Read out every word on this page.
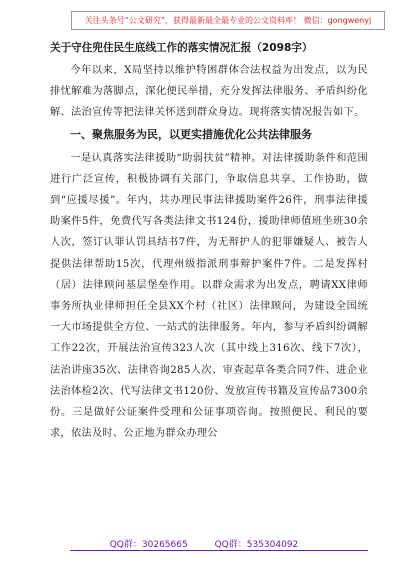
关注头条号“公文研究”，获得最新最全最专业的公文资料库！ 微信：gongwenyj
关于守住兜住民生底线工作的落实情况汇报（2098字）

今年以来，X局坚持以维护特困群体合法权益为出发点，以为民排忧解难为落脚点，深化便民举措，充分发挥法律服务、矛盾纠纷化解、法治宣传等把法律关怀送到群众身边。现将落实情况报告如下。

一、聚焦服务为民，以更实措施优化公共法律服务

一是认真落实法律援助“助弱扶贫”精神。对法律援助条件和范围进行广泛宣传，积极协调有关部门，争取信息共享、工作协助，做到“应援尽援”。年内，共办理民事法律援助案件26件，刑事法律援助案件5件，免费代写各类法律文书124份，援助律师值班坐班30余人次，签订认罪认罚具结书7件，为无辩护人的犯罪嫌疑人、被告人提供法律帮助15次，代理州级指派刑事辩护案件7件。二是发挥村（居）法律顾问基层堡垒作用。以群众需求为出发点，聘请XX律师事务所执业律师担任全县XX个村（社区）法律顾问，为建设全国统一大市场提供全方位、一站式的法律服务。年内，参与矛盾纠纷调解工作22次，开展法治宣传323人次（其中线上316次、线下7次），法治讲座35次、法律咨询285人次、审查起草各类合同7件、进企业法治体检2次、代写法律文书120份、发放宣传书籍及宣传品7300余份。三是做好公证案件受理和公证事项咨询。按照便民、利民的要求，依法及时、公正地为群众办理公

QQ群：30265665	QQ群：535304092
